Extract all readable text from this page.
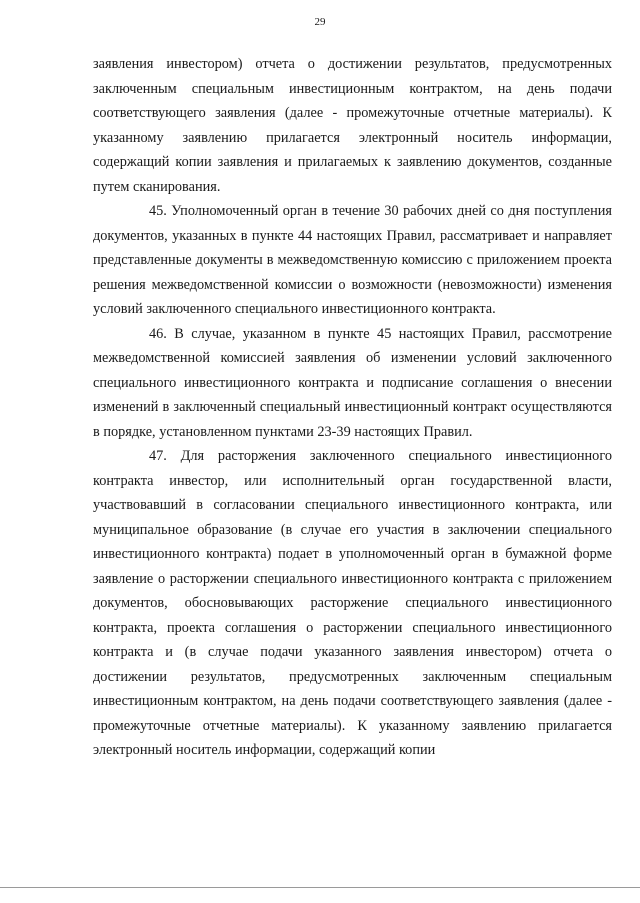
29

заявления инвестором) отчета о достижении результатов, предусмотренных заключенным специальным инвестиционным контрактом, на день подачи соответствующего заявления (далее - промежуточные отчетные материалы). К указанному заявлению прилагается электронный носитель информации, содержащий копии заявления и прилагаемых к заявлению документов, созданные путем сканирования.

45. Уполномоченный орган в течение 30 рабочих дней со дня поступления документов, указанных в пункте 44 настоящих Правил, рассматривает и направляет представленные документы в межведомственную комиссию с приложением проекта решения межведомственной комиссии о возможности (невозможности) изменения условий заключенного специального инвестиционного контракта.

46. В случае, указанном в пункте 45 настоящих Правил, рассмотрение межведомственной комиссией заявления об изменении условий заключенного специального инвестиционного контракта и подписание соглашения о внесении изменений в заключенный специальный инвестиционный контракт осуществляются в порядке, установленном пунктами 23-39 настоящих Правил.

47. Для расторжения заключенного специального инвестиционного контракта инвестор, или исполнительный орган государственной власти, участвовавший в согласовании специального инвестиционного контракта, или муниципальное образование (в случае его участия в заключении специального инвестиционного контракта) подает в уполномоченный орган в бумажной форме заявление о расторжении специального инвестиционного контракта с приложением документов, обосновывающих расторжение специального инвестиционного контракта, проекта соглашения о расторжении специального инвестиционного контракта и (в случае подачи указанного заявления инвестором) отчета о достижении результатов, предусмотренных заключенным специальным инвестиционным контрактом, на день подачи соответствующего заявления (далее - промежуточные отчетные материалы). К указанному заявлению прилагается электронный носитель информации, содержащий копии
